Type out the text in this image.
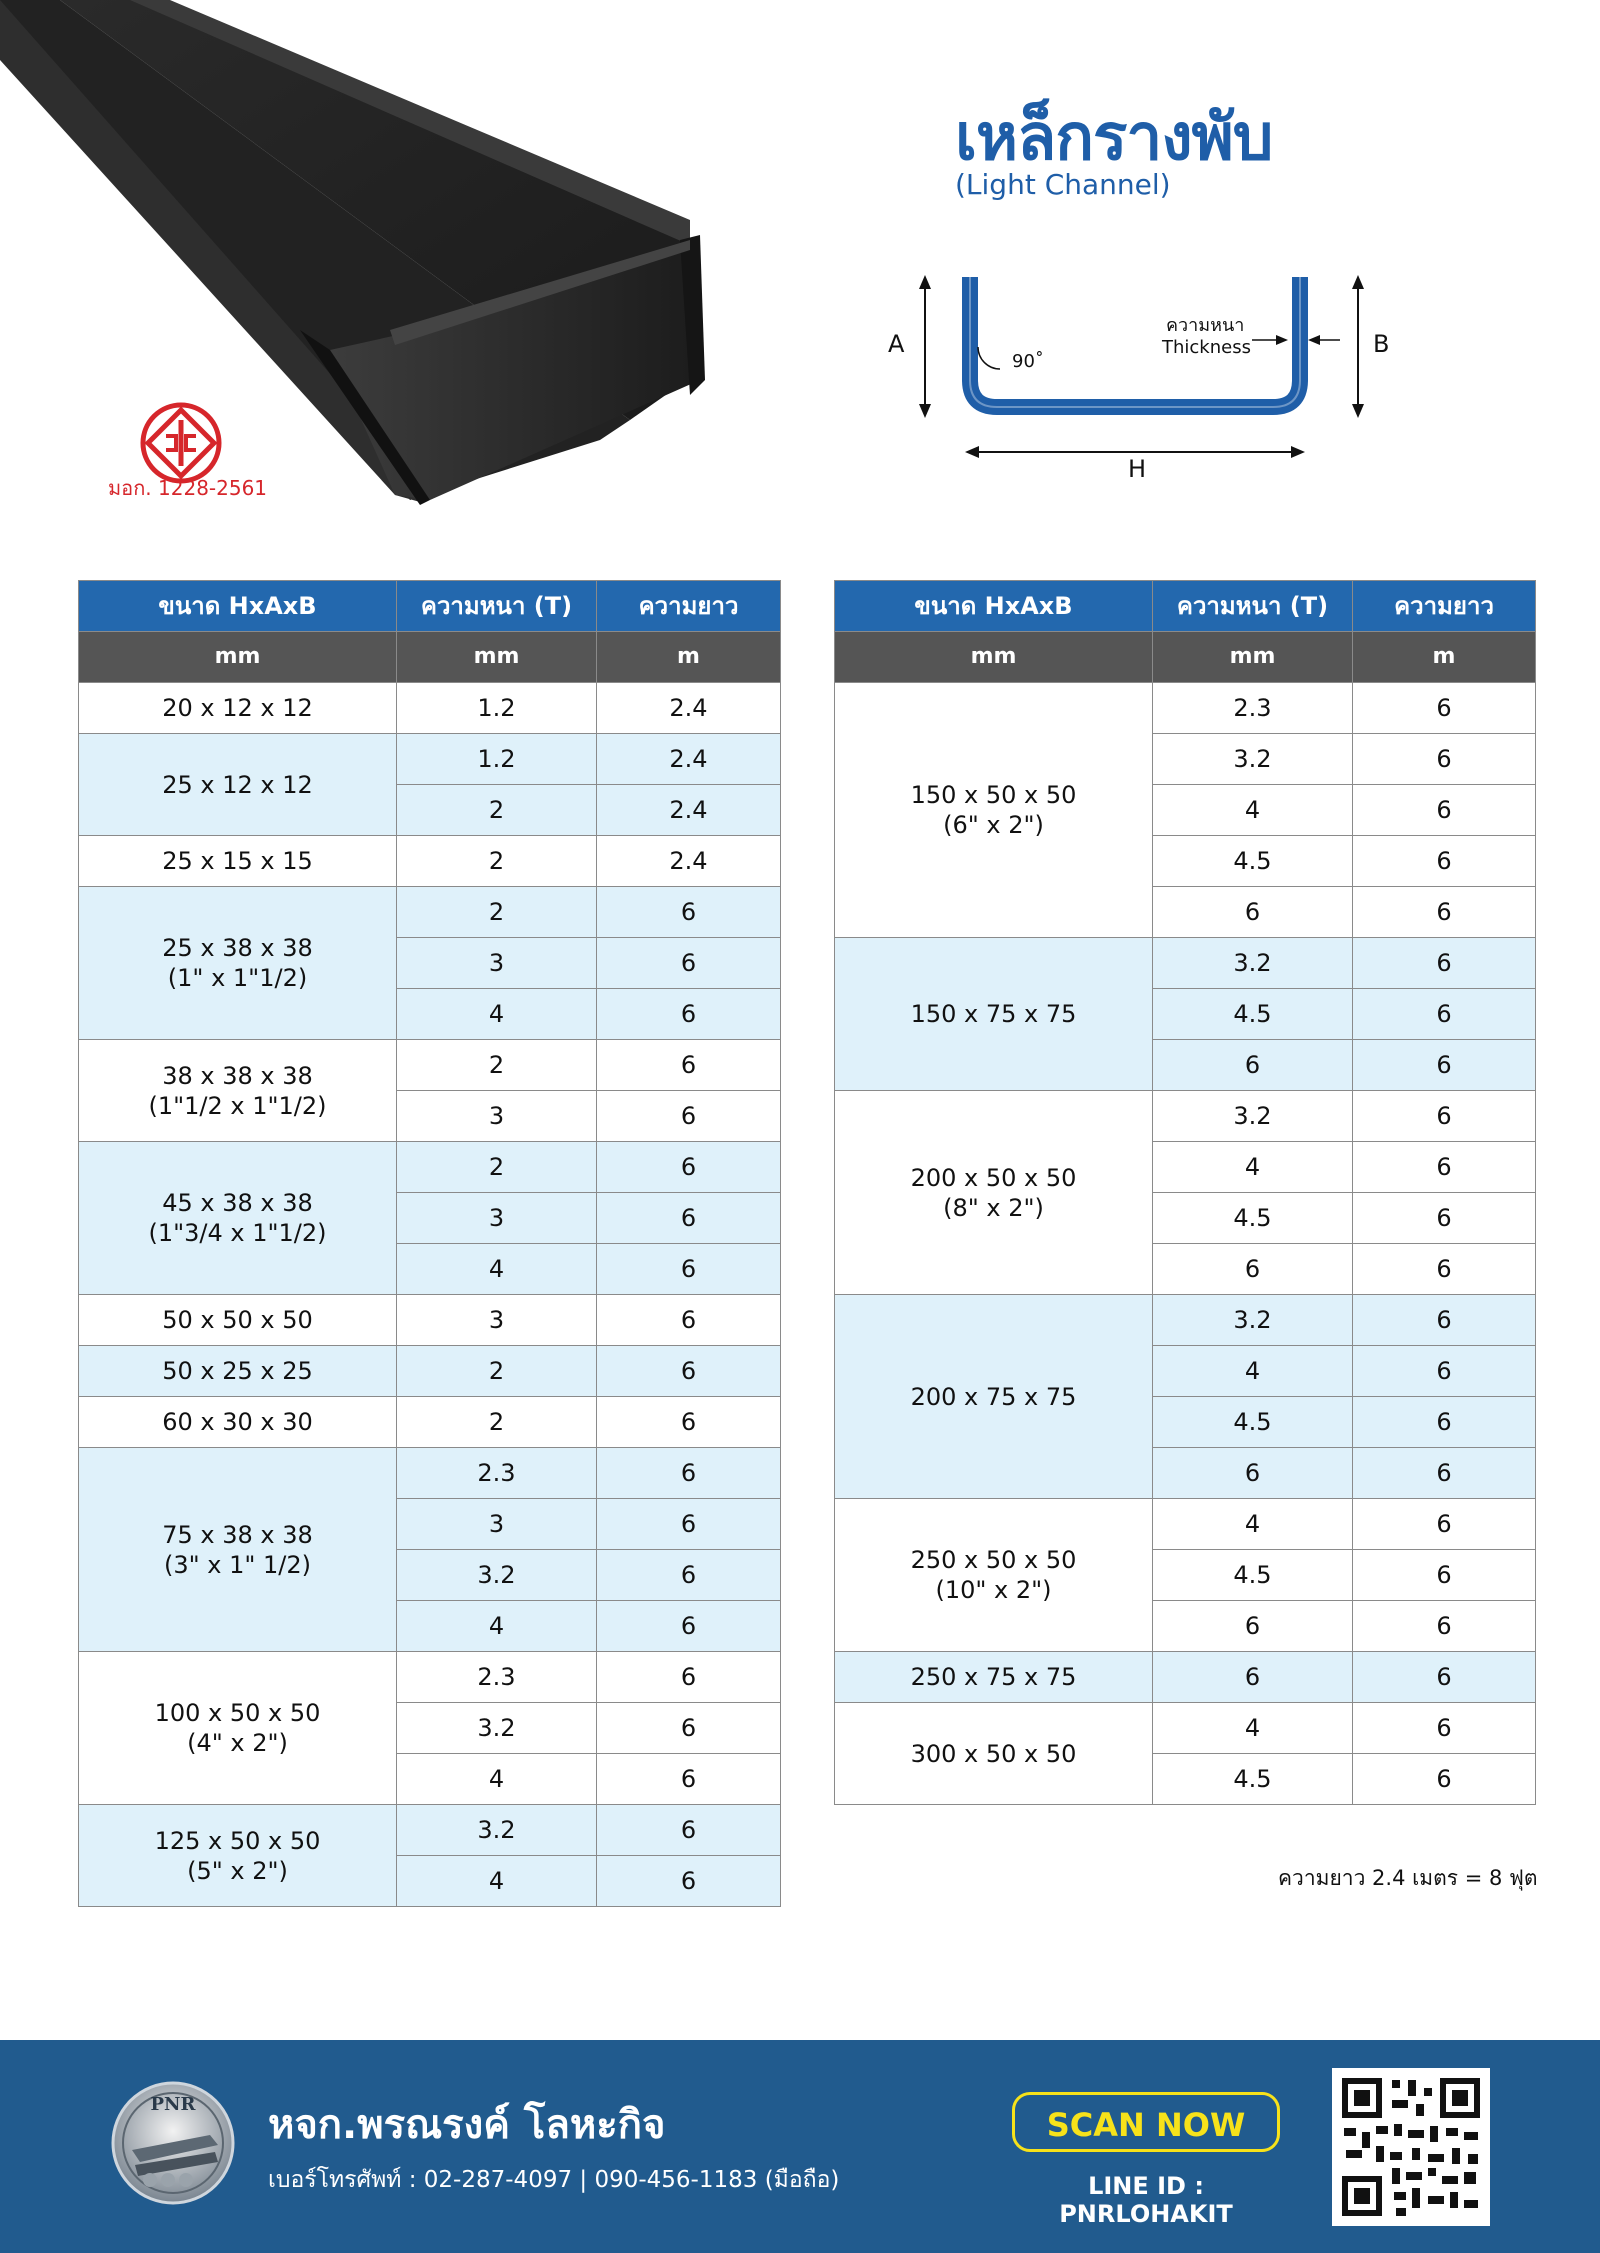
มอก. 1228-2561
เหล็กรางพับ
(Light Channel)
A	B
H
90˚
ความหนา
Thickness
ขนาด HxAxB	ความหนา (T)	ความยาว
mm	mm	m
20 x 12 x 12	1.2	2.4
25 x 12 x 12	1.2	2.4
	2	2.4
25 x 15 x 15	2	2.4
25 x 38 x 38
(1" x 1"1/2)	2	6
	3	6
	4	6
38 x 38 x 38
(1"1/2 x 1"1/2)	2	6
	3	6
45 x 38 x 38
(1"3/4 x 1"1/2)	2	6
	3	6
	4	6
50 x 50 x 50	3	6
50 x 25 x 25	2	6
60 x 30 x 30	2	6
75 x 38 x 38
(3" x 1" 1/2)	2.3	6
	3	6
	3.2	6
	4	6
100 x 50 x 50
(4" x 2")	2.3	6
	3.2	6
	4	6
125 x 50 x 50
(5" x 2")	3.2	6
	4	6
ขนาด HxAxB	ความหนา (T)	ความยาว
mm	mm	m
150 x 50 x 50
(6" x 2")	2.3	6
	3.2	6
	4	6
	4.5	6
	6	6
150 x 75 x 75	3.2	6
	4.5	6
	6	6
200 x 50 x 50
(8" x 2")	3.2	6
	4	6
	4.5	6
	6	6
200 x 75 x 75	3.2	6
	4	6
	4.5	6
	6	6
250 x 50 x 50
(10" x 2")	4	6
	4.5	6
	6	6
250 x 75 x 75	6	6
300 x 50 x 50	4	6
	4.5	6
ความยาว 2.4 เมตร = 8 ฟุต
PNR หจก.พรณรงค์ โลหะกิจ
เบอร์โทรศัพท์ : 02-287-4097 | 090-456-1183 (มือถือ)
SCAN NOW
LINE ID : PNRLOHAKIT
